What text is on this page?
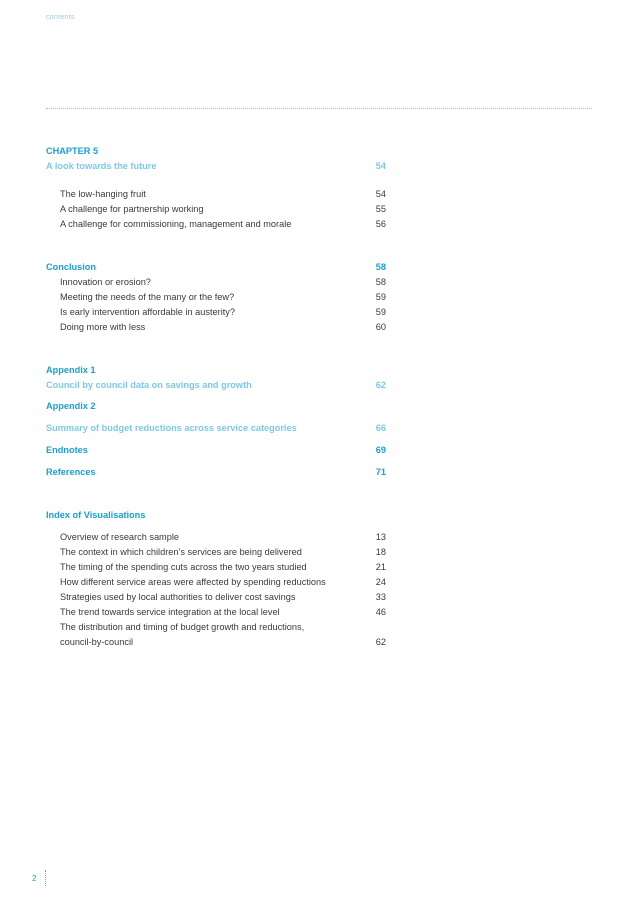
contents
CHAPTER 5
A look towards the future	54
The low-hanging fruit	54
A challenge for partnership working	55
A challenge for commissioning, management and morale	56
Conclusion	58
Innovation or erosion?	58
Meeting the needs of the many or the few?	59
Is early intervention affordable in austerity?	59
Doing more with less	60
Appendix 1
Council by council data on savings and growth	62
Appendix 2
Summary of budget reductions across service categories	66
Endnotes	69
References	71
Index of Visualisations
Overview of research sample	13
The context in which children’s services are being delivered	18
The timing of the spending cuts across the two years studied	21
How different service areas were affected by spending reductions	24
Strategies used by local authorities to deliver cost savings	33
The trend towards service integration at the local level	46
The distribution and timing of budget growth and reductions,
council-by-council	62
2
